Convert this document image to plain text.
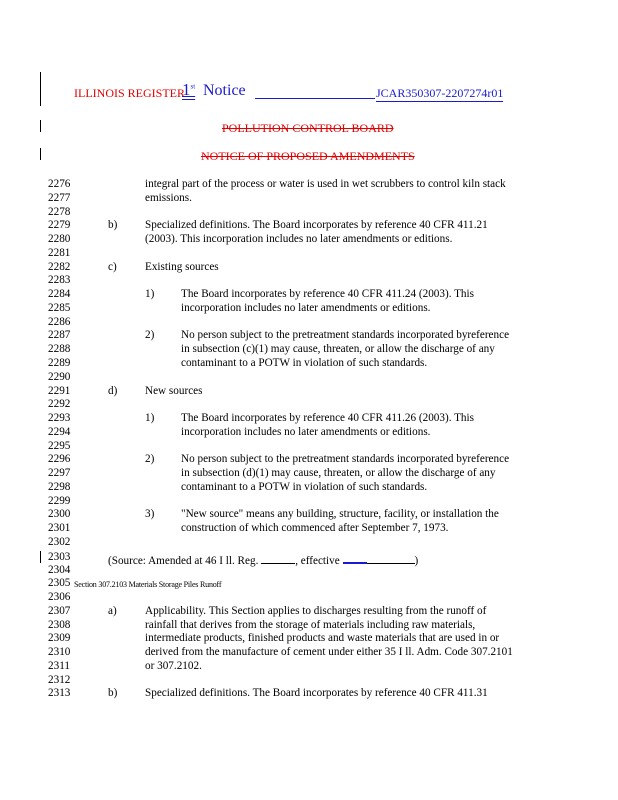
ILLINOIS REGISTER
1st Notice	JCAR350307-2207274r01
POLLUTION CONTROL BOARD
NOTICE OF PROPOSED AMENDMENTS
2276	integral part of the process or water is used in wet scrubbers to control kiln stack
2277	emissions.
2278
2279	b) Specialized definitions. The Board incorporates by reference 40 CFR 411.21
2280	(2003). This incorporation includes no later amendments or editions.
2281
2282	c)	Existing sources
2283
2284	1) The Board incorporates by reference 40 CFR 411.24 (2003). This
2285	incorporation includes no later amendments or editions.
2286
2287	2) No person subject to the pretreatment standards incorporated byreference
2288	in subsection (c)(1) may cause, threaten, or allow the discharge of any
2289	contaminant to a POTW in violation of such standards.
2290
2291	d) New sources
2292
2293	1) The Board incorporates by reference 40 CFR 411.26 (2003). This
2294	incorporation includes no later amendments or editions.
2295
2296	2) No person subject to the pretreatment standards incorporated byreference
2297	in subsection (d)(1) may cause, threaten, or allow the discharge of any
2298	contaminant to a POTW in violation of such standards.
2299
2300	3) "New source" means any building, structure, facility, or installation the
2301	construction of which commenced after September 7, 1973.
2302
2303	(Source: Amended at 46 I ll. Reg.	, effective	)
2304
2305 Section 307.2103 Materials Storage Piles Runoff
2306
2307	a)	Applicability. This Section applies to discharges resulting from the runoff of
2308	rainfall that derives from the storage of materials including raw materials,
2309	intermediate products, finished products and waste materials that are used in or
2310	derived from the manufacture of cement under either 35 I ll. Adm. Code 307.2101
2311	or 307.2102.
2312
2313	b) Specialized definitions. The Board incorporates by reference 40 CFR 411.31
